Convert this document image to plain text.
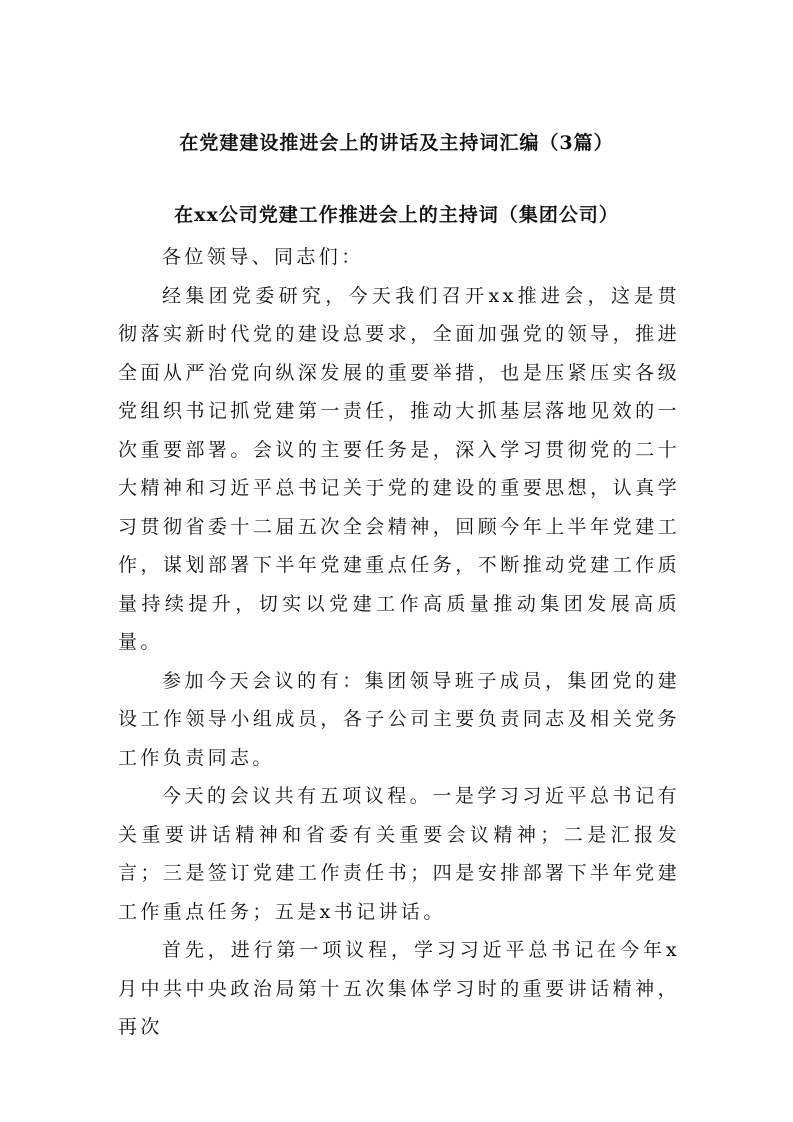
在党建建设推进会上的讲话及主持词汇编（3篇）
在xx公司党建工作推进会上的主持词（集团公司）

各位领导、同志们：

经集团党委研究，今天我们召开xx推进会，这是贯彻落实新时代党的建设总要求，全面加强党的领导，推进全面从严治党向纵深发展的重要举措，也是压紧压实各级党组织书记抓党建第一责任，推动大抓基层落地见效的一次重要部署。会议的主要任务是，深入学习贯彻党的二十大精神和习近平总书记关于党的建设的重要思想，认真学习贯彻省委十二届五次全会精神，回顾今年上半年党建工作，谋划部署下半年党建重点任务，不断推动党建工作质量持续提升，切实以党建工作高质量推动集团发展高质量。

参加今天会议的有：集团领导班子成员，集团党的建设工作领导小组成员，各子公司主要负责同志及相关党务工作负责同志。

今天的会议共有五项议程。一是学习习近平总书记有关重要讲话精神和省委有关重要会议精神；二是汇报发言；三是签订党建工作责任书；四是安排部署下半年党建工作重点任务；五是x书记讲话。

首先，进行第一项议程，学习习近平总书记在今年x月中共中央政治局第十五次集体学习时的重要讲话精神，再次
